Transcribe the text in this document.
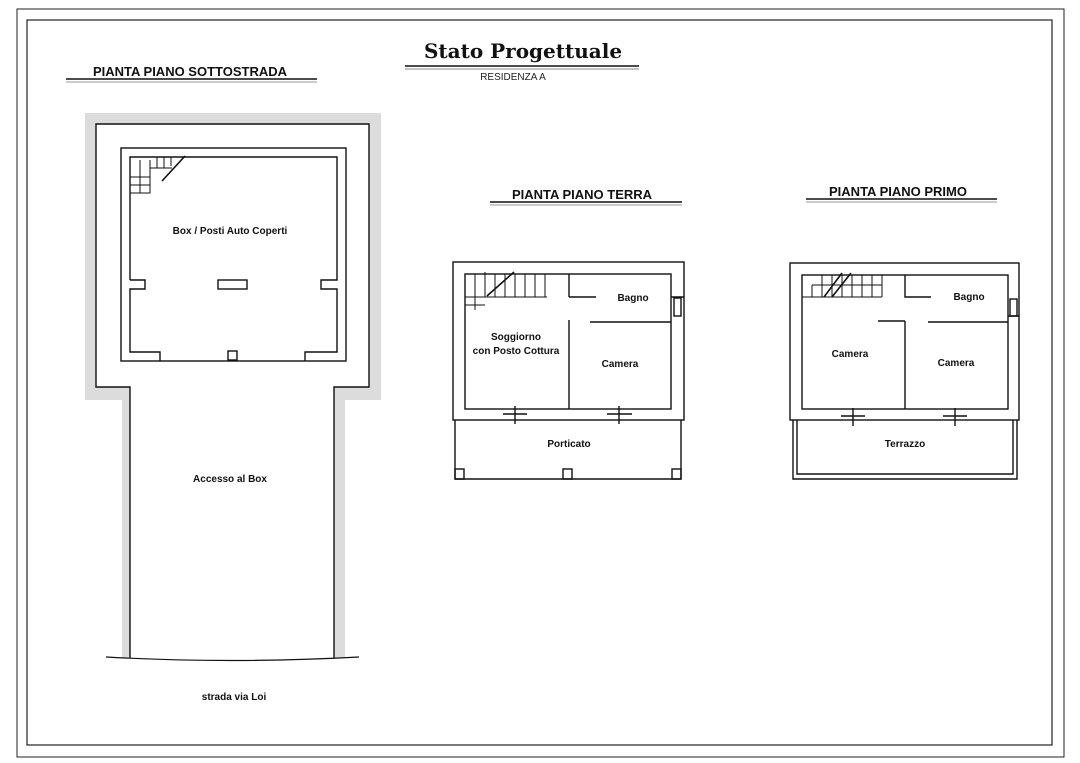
Stato Progettuale
RESIDENZA A
PIANTA PIANO SOTTOSTRADA
Box / Posti Auto Coperti
Accesso al Box
strada via Loi
PIANTA PIANO TERRA
Bagno
Soggiorno
con Posto Cottura
Camera
Porticato
PIANTA PIANO PRIMO
Bagno
Camera
Camera
Terrazzo
